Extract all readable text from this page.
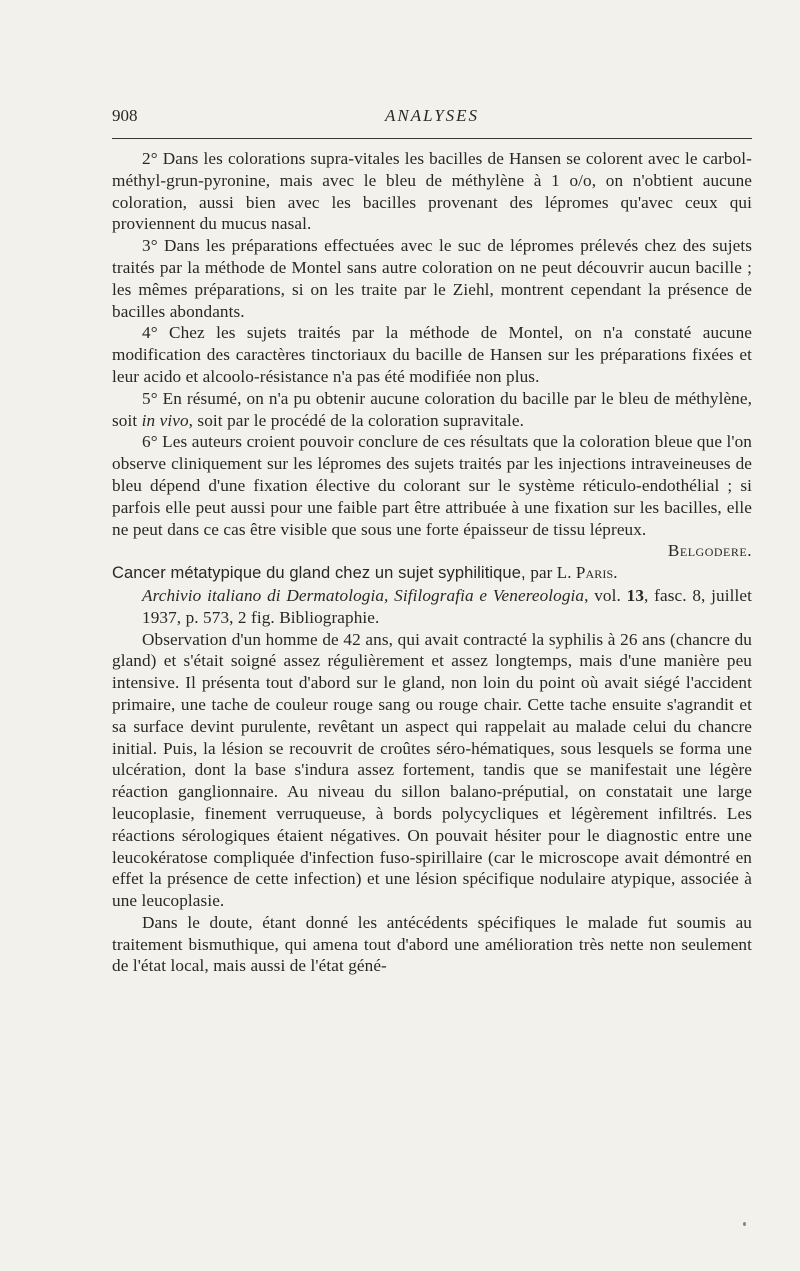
908	ANALYSES

2° Dans les colorations supra-vitales les bacilles de Hansen se colorent avec le carbol-méthyl-grun-pyronine, mais avec le bleu de méthylène à 1 o/o, on n'obtient aucune coloration, aussi bien avec les bacilles provenant des lépromes qu'avec ceux qui proviennent du mucus nasal.

3° Dans les préparations effectuées avec le suc de lépromes prélevés chez des sujets traités par la méthode de Montel sans autre coloration on ne peut découvrir aucun bacille ; les mêmes préparations, si on les traite par le Ziehl, montrent cependant la présence de bacilles abondants.

4° Chez les sujets traités par la méthode de Montel, on n'a constaté aucune modification des caractères tinctoriaux du bacille de Hansen sur les préparations fixées et leur acido et alcoolo-résistance n'a pas été modifiée non plus.

5° En résumé, on n'a pu obtenir aucune coloration du bacille par le bleu de méthylène, soit in vivo, soit par le procédé de la coloration supravitale.

6° Les auteurs croient pouvoir conclure de ces résultats que la coloration bleue que l'on observe cliniquement sur les lépromes des sujets traités par les injections intraveineuses de bleu dépend d'une fixation élective du colorant sur le système réticulo-endothélial ; si parfois elle peut aussi pour une faible part être attribuée à une fixation sur les bacilles, elle ne peut dans ce cas être visible que sous une forte épaisseur de tissu lépreux.

Belgodere.

Cancer métatypique du gland chez un sujet syphilitique, par L. Paris.

Archivio italiano di Dermatologia, Sifilografia e Venereologia, vol. 13, fasc. 8, juillet 1937, p. 573, 2 fig. Bibliographie.

Observation d'un homme de 42 ans, qui avait contracté la syphilis à 26 ans (chancre du gland) et s'était soigné assez régulièrement et assez longtemps, mais d'une manière peu intensive. Il présenta tout d'abord sur le gland, non loin du point où avait siégé l'accident primaire, une tache de couleur rouge sang ou rouge chair. Cette tache ensuite s'agrandit et sa surface devint purulente, revêtant un aspect qui rappelait au malade celui du chancre initial. Puis, la lésion se recouvrit de croûtes séro-hématiques, sous lesquels se forma une ulcération, dont la base s'indura assez fortement, tandis que se manifestait une légère réaction ganglionnaire. Au niveau du sillon balano-préputial, on constatait une large leucoplasie, finement verruqueuse, à bords polycycliques et légèrement infiltrés. Les réactions sérologiques étaient négatives. On pouvait hésiter pour le diagnostic entre une leucokératose compliquée d'infection fuso-spirillaire (car le microscope avait démontré en effet la présence de cette infection) et une lésion spécifique nodulaire atypique, associée à une leucoplasie.

Dans le doute, étant donné les antécédents spécifiques le malade fut soumis au traitement bismuthique, qui amena tout d'abord une amélioration très nette non seulement de l'état local, mais aussi de l'état géné-
